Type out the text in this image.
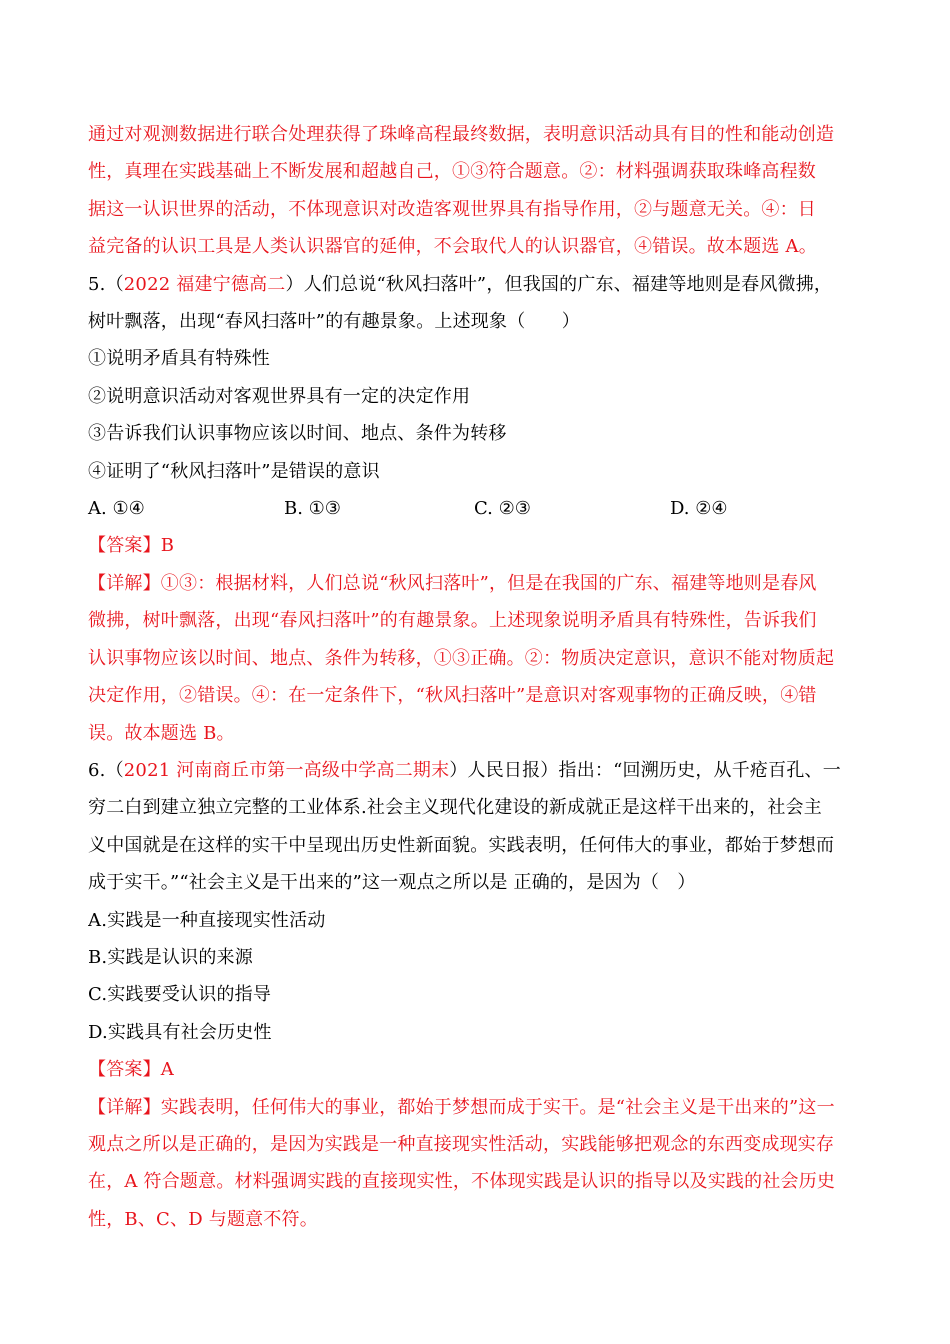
通过对观测数据进行联合处理获得了珠峰高程最终数据，表明意识活动具有目的性和能动创造
性，真理在实践基础上不断发展和超越自己，①③符合题意。②：材料强调获取珠峰高程数
据这一认识世界的活动，不体现意识对改造客观世界具有指导作用，②与题意无关。④：日
益完备的认识工具是人类认识器官的延伸，不会取代人的认识器官，④错误。故本题选 A。
5.（2022 福建宁德高二）人们总说“秋风扫落叶”，但我国的广东、福建等地则是春风微拂，
树叶飘落，出现“春风扫落叶”的有趣景象。上述现象（　　）
①说明矛盾具有特殊性
②说明意识活动对客观世界具有一定的决定作用
③告诉我们认识事物应该以时间、地点、条件为转移
④证明了“秋风扫落叶”是错误的意识
A. ①④	B. ①③	C. ②③	D. ②④
【答案】B
【详解】①③：根据材料，人们总说“秋风扫落叶”，但是在我国的广东、福建等地则是春风
微拂，树叶飘落，出现“春风扫落叶”的有趣景象。上述现象说明矛盾具有特殊性，告诉我们
认识事物应该以时间、地点、条件为转移，①③正确。②：物质决定意识，意识不能对物质起
决定作用，②错误。④：在一定条件下，“秋风扫落叶”是意识对客观事物的正确反映，④错
误。故本题选 B。
6.（2021 河南商丘市第一高级中学高二期末）人民日报）指出：“回溯历史，从千疮百孔、一
穷二白到建立独立完整的工业体系.社会主义现代化建设的新成就正是这样干出来的，社会主
义中国就是在这样的实干中呈现出历史性新面貌。实践表明，任何伟大的事业，都始于梦想而
成于实干。”“社会主义是干出来的”这一观点之所以是 正确的，是因为（　）
A.实践是一种直接现实性活动
B.实践是认识的来源
C.实践要受认识的指导
D.实践具有社会历史性
【答案】A
【详解】实践表明，任何伟大的事业，都始于梦想而成于实干。是“社会主义是干出来的”这一
观点之所以是正确的，是因为实践是一种直接现实性活动，实践能够把观念的东西变成现实存
在，A 符合题意。材料强调实践的直接现实性，不体现实践是认识的指导以及实践的社会历史
性，B、C、D 与题意不符。
